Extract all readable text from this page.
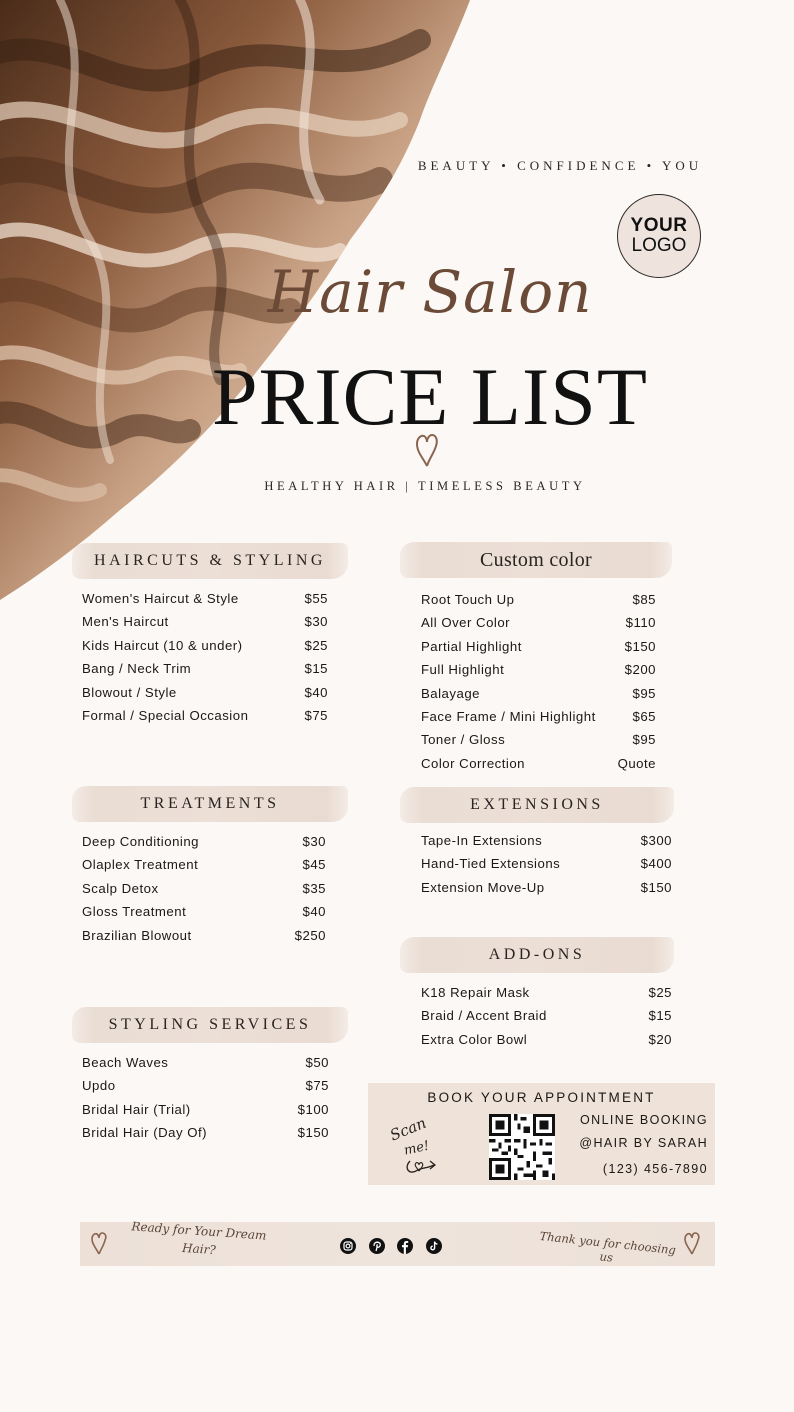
BEAUTY • CONFIDENCE • YOU
YOUR
LOGO
Hair Salon
PRICE LIST
HEALTHY HAIR | TIMELESS BEAUTY
HAIRCUTS & STYLING
Women's Haircut & Style	$55
Men's Haircut	$30
Kids Haircut (10 & under)	$25
Bang / Neck Trim	$15
Blowout / Style	$40
Formal / Special Occasion	$75
Custom color
Root Touch Up	$85
All Over Color	$110
Partial Highlight	$150
Full Highlight	$200
Balayage	$95
Face Frame / Mini Highlight	$65
Toner / Gloss	$95
Color Correction	Quote
TREATMENTS
Deep Conditioning	$30
Olaplex Treatment	$45
Scalp Detox	$35
Gloss Treatment	$40
Brazilian Blowout	$250
EXTENSIONS
Tape-In Extensions	$300
Hand-Tied Extensions	$400
Extension Move-Up	$150
ADD-ONS
K18 Repair Mask	$25
Braid / Accent Braid	$15
Extra Color Bowl	$20
STYLING SERVICES
Beach Waves	$50
Updo	$75
Bridal Hair (Trial)	$100
Bridal Hair (Day Of)	$150
BOOK YOUR APPOINTMENT
Scan
me!
ONLINE BOOKING
@HAIR BY SARAH
(123) 456-7890
Ready for Your Dream
Hair?	Thank you for choosing us
